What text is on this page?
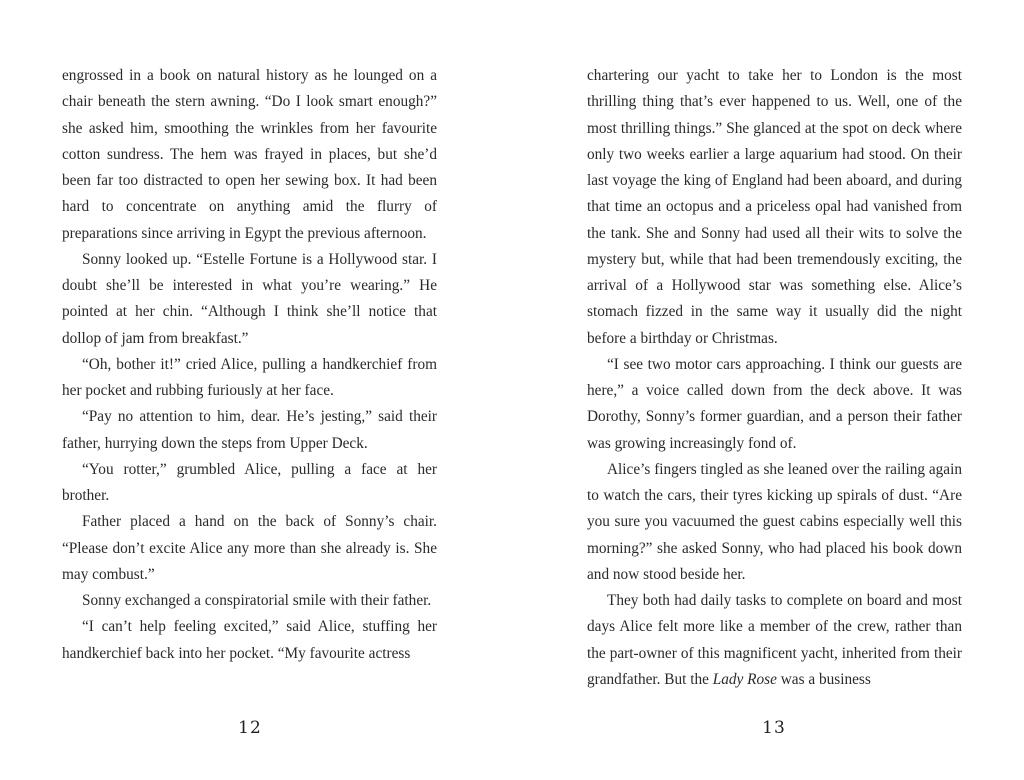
engrossed in a book on natural history as he lounged on a chair beneath the stern awning. “Do I look smart enough?” she asked him, smoothing the wrinkles from her favourite cotton sundress. The hem was frayed in places, but she’d been far too distracted to open her sewing box. It had been hard to concentrate on anything amid the flurry of preparations since arriving in Egypt the previous afternoon.

Sonny looked up. “Estelle Fortune is a Hollywood star. I doubt she’ll be interested in what you’re wearing.” He pointed at her chin. “Although I think she’ll notice that dollop of jam from breakfast.”

“Oh, bother it!” cried Alice, pulling a handkerchief from her pocket and rubbing furiously at her face.

“Pay no attention to him, dear. He’s jesting,” said their father, hurrying down the steps from Upper Deck.

“You rotter,” grumbled Alice, pulling a face at her brother.

Father placed a hand on the back of Sonny’s chair. “Please don’t excite Alice any more than she already is. She may combust.”

Sonny exchanged a conspiratorial smile with their father.

“I can’t help feeling excited,” said Alice, stuffing her handkerchief back into her pocket. “My favourite actress

chartering our yacht to take her to London is the most thrilling thing that’s ever happened to us. Well, one of the most thrilling things.” She glanced at the spot on deck where only two weeks earlier a large aquarium had stood. On their last voyage the king of England had been aboard, and during that time an octopus and a priceless opal had vanished from the tank. She and Sonny had used all their wits to solve the mystery but, while that had been tremendously exciting, the arrival of a Hollywood star was something else. Alice’s stomach fizzed in the same way it usually did the night before a birthday or Christmas.

“I see two motor cars approaching. I think our guests are here,” a voice called down from the deck above. It was Dorothy, Sonny’s former guardian, and a person their father was growing increasingly fond of.

Alice’s fingers tingled as she leaned over the railing again to watch the cars, their tyres kicking up spirals of dust. “Are you sure you vacuumed the guest cabins especially well this morning?” she asked Sonny, who had placed his book down and now stood beside her.

They both had daily tasks to complete on board and most days Alice felt more like a member of the crew, rather than the part-owner of this magnificent yacht, inherited from their grandfather. But the Lady Rose was a business

12	13
